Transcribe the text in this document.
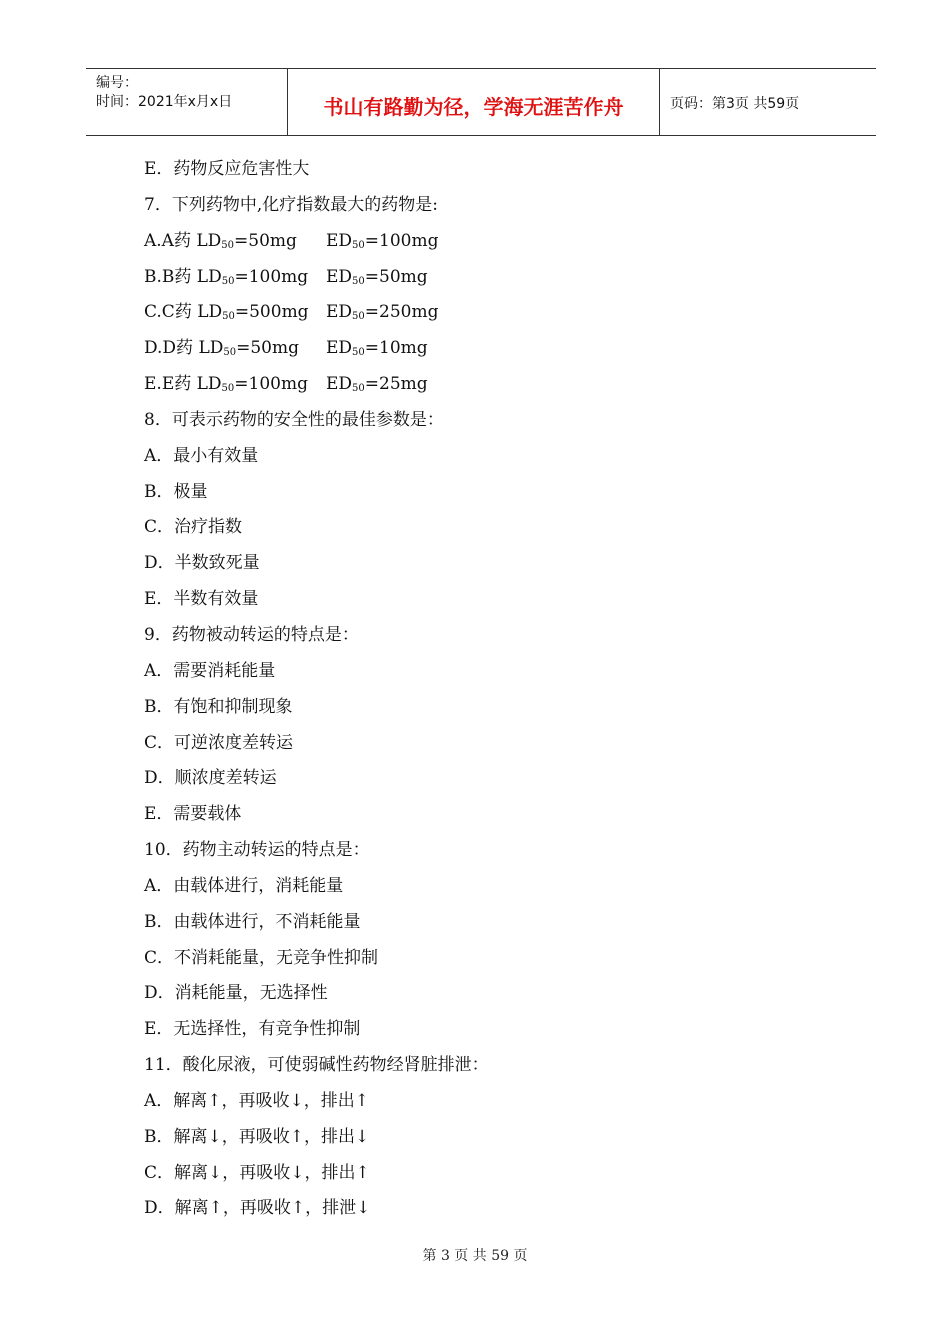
编号：
时间：2021年x月x日	书山有路勤为径，学海无涯苦作舟	页码：第3页 共59页
E．药物反应危害性大
7．下列药物中,化疗指数最大的药物是:
A.A药 $LD_{50}=50mg$ $ED_{50}=100mg$
B.B药 $LD_{50}=100mg$ $ED_{50}=50mg$
C.C药 $LD_{50}=500mg$ $ED_{50}=250mg$
D.D药 $LD_{50}=50mg$ $ED_{50}=10mg$
E.E药 $LD_{50}=100mg$ $ED_{50}=25mg$
8．可表示药物的安全性的最佳参数是：
A．最小有效量
B．极量
C．治疗指数
D．半数致死量
E．半数有效量
9．药物被动转运的特点是：
A．需要消耗能量
B．有饱和抑制现象
C．可逆浓度差转运
D．顺浓度差转运
E．需要载体
10．药物主动转运的特点是：
A．由载体进行，消耗能量
B．由载体进行，不消耗能量
C．不消耗能量，无竞争性抑制
D．消耗能量，无选择性
E．无选择性，有竞争性抑制
11．酸化尿液，可使弱碱性药物经肾脏排泄：
A．解离↑，再吸收↓，排出↑
B．解离↓，再吸收↑，排出↓
C．解离↓，再吸收↓，排出↑
D．解离↑，再吸收↑，排泄↓
第 3 页 共 59 页
